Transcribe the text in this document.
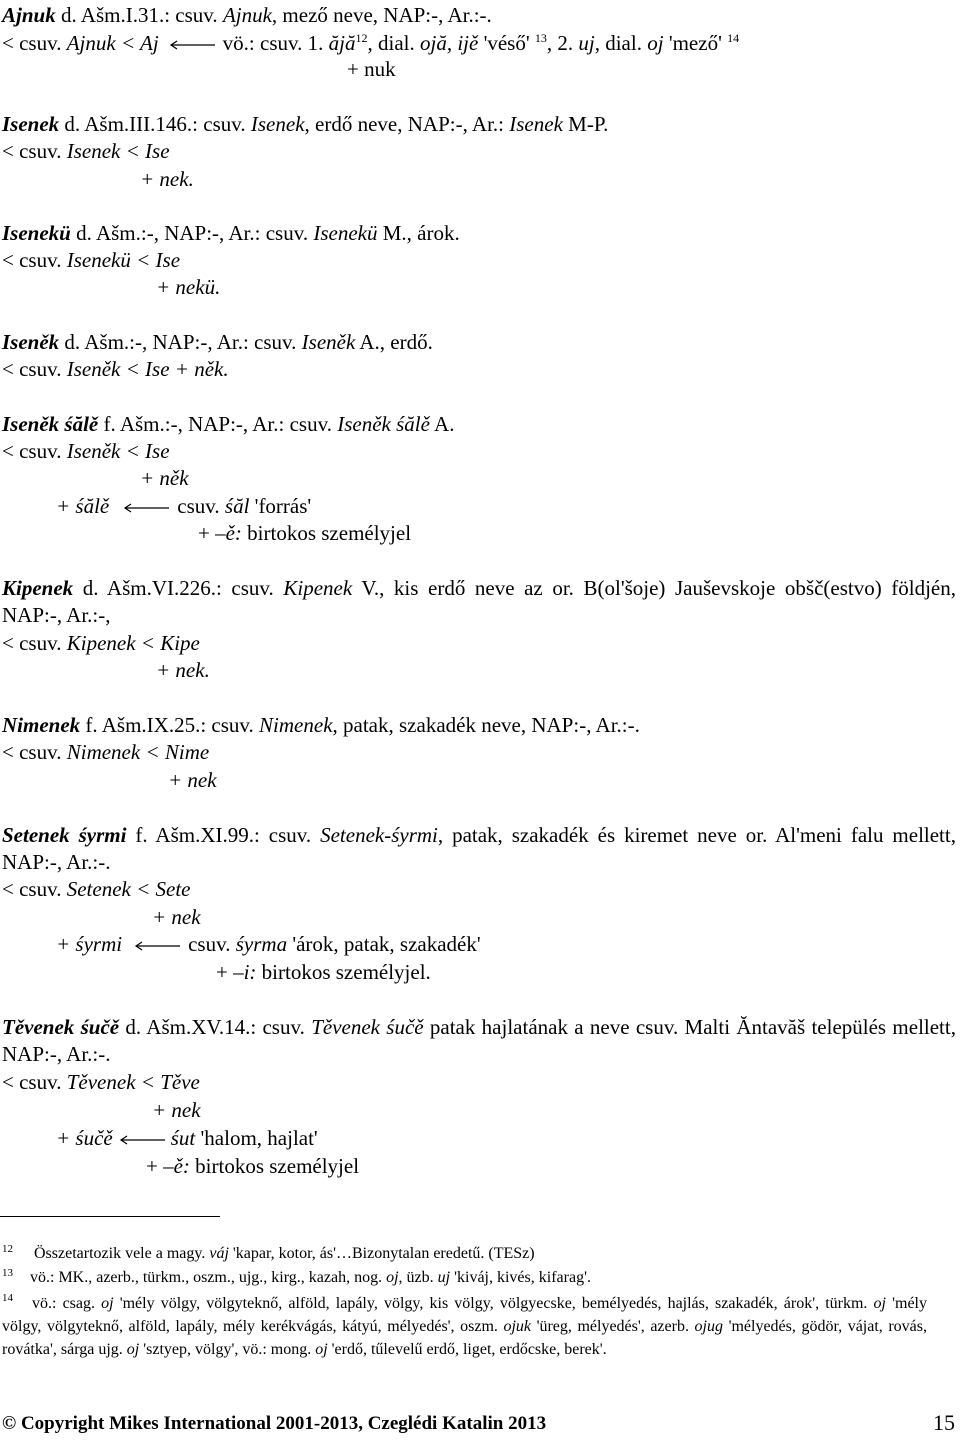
Ajnuk d. Ašm.I.31.: csuv. Ajnuk, mező neve, NAP:-, Ar.:-.
< csuv. Ajnuk < Aj	vö.: csuv. 1. ăjă$^{12}$, dial. ojă, ijě 'véső' $^{13}$, 2. uj, dial. oj 'mező' $^{14}$
+ nuk
Isenek d. Ašm.III.146.: csuv. Isenek, erdő neve, NAP:-, Ar.: Isenek M-P.
< csuv. Isenek < Ise
+ nek.
Isenekü d. Ašm.:-, NAP:-, Ar.: csuv. Isenekü M., árok.
< csuv. Isenekü < Ise
+ nekü.
Iseněk d. Ašm.:-, NAP:-, Ar.: csuv. Iseněk A., erdő.
< csuv. Iseněk < Ise + něk.
Iseněk śălě f. Ašm.:-, NAP:-, Ar.: csuv. Iseněk śălě A.
< csuv. Iseněk < Ise
+ něk
+ śălě	csuv. śăl 'forrás'
+ –ě: birtokos személyjel
Kipenek d. Ašm.VI.226.: csuv. Kipenek V., kis erdő neve az or. B(ol'šoje) Jauševskoje obšč(estvo) földjén, NAP:-, Ar.:-,
< csuv. Kipenek < Kipe
+ nek.
Nimenek f. Ašm.IX.25.: csuv. Nimenek, patak, szakadék neve, NAP:-, Ar.:-.
< csuv. Nimenek < Nime
+ nek
Setenek śyrmi f. Ašm.XI.99.: csuv. Setenek-śyrmi, patak, szakadék és kiremet neve or. Al'meni falu mellett, NAP:-, Ar.:-.
< csuv. Setenek < Sete
+ nek
+ śyrmi	csuv. śyrma 'árok, patak, szakadék'
+ –i: birtokos személyjel.
Těvenek śučě d. Ašm.XV.14.: csuv. Těvenek śučě patak hajlatának a neve csuv. Malti Ăntavăš település mellett, NAP:-, Ar.:-.
< csuv. Těvenek < Těve
+ nek
+ śučě	śut 'halom, hajlat'
+ –ě: birtokos személyjel
12 Összetartozik vele a magy. váj 'kapar, kotor, ás'…Bizonytalan eredetű. (TESz)
13 vö.: MK., azerb., türkm., oszm., ujg., kirg., kazah, nog. oj, üzb. uj 'kiváj, kivés, kifarag'.
14	vö.: csag. oj 'mély völgy, völgyteknő, alföld, lapály, völgy, kis völgy, völgyecske, bemélyedés, hajlás, szakadék, árok', türkm. oj 'mély völgy, völgyteknő, alföld, lapály, mély kerékvágás, kátyú, mélyedés', oszm. ojuk 'üreg, mélyedés', azerb. ojug 'mélyedés, gödör, vájat, rovás, rovátka', sárga ujg. oj 'sztyep, völgy', vö.: mong. oj 'erdő, tűlevelű erdő, liget, erdőcske, berek'.
© Copyright Mikes International 2001-2013, Czeglédi Katalin 2013	15
